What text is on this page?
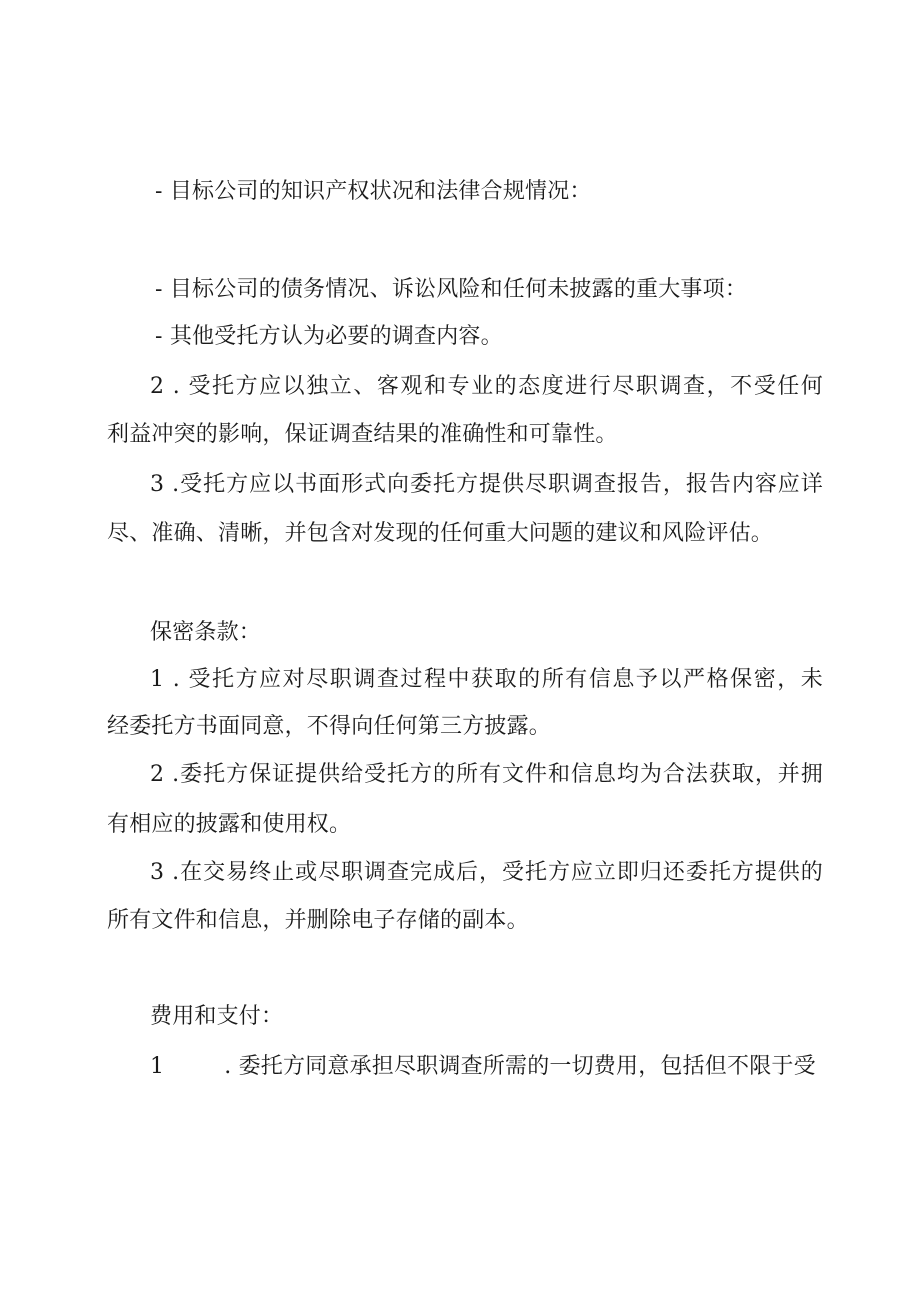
- 目标公司的知识产权状况和法律合规情况：
- 目标公司的债务情况、诉讼风险和任何未披露的重大事项：
- 其他受托方认为必要的调查内容。
2 . 受托方应以独立、客观和专业的态度进行尽职调查，不受任何
利益冲突的影响，保证调查结果的准确性和可靠性。
3 .受托方应以书面形式向委托方提供尽职调查报告，报告内容应详
尽、准确、清晰，并包含对发现的任何重大问题的建议和风险评估。
保密条款：
1 . 受托方应对尽职调查过程中获取的所有信息予以严格保密，未
经委托方书面同意，不得向任何第三方披露。
2 .委托方保证提供给受托方的所有文件和信息均为合法获取，并拥
有相应的披露和使用权。
3 .在交易终止或尽职调查完成后，受托方应立即归还委托方提供的
所有文件和信息，并删除电子存储的副本。
费用和支付：
1	. 委托方同意承担尽职调查所需的一切费用，包括但不限于受
